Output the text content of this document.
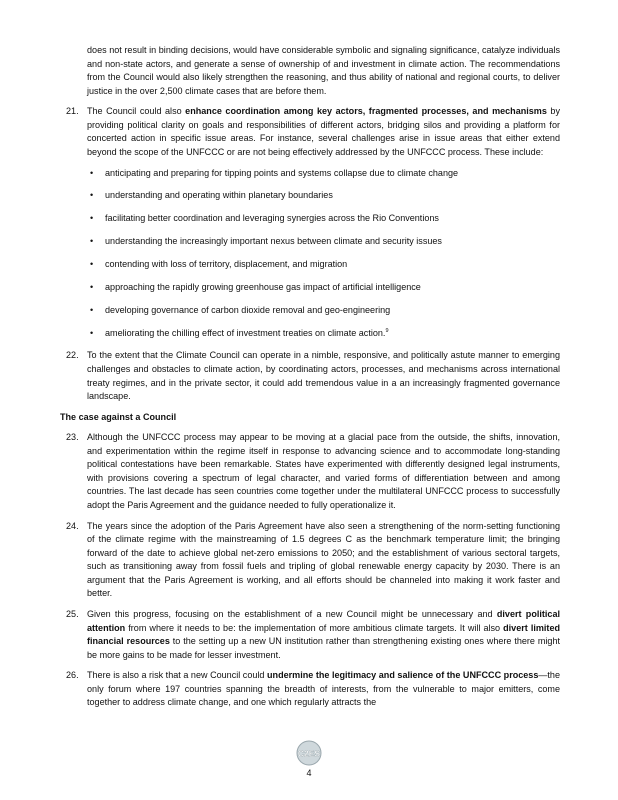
does not result in binding decisions, would have considerable symbolic and signaling significance, catalyze individuals and non-state actors, and generate a sense of ownership of and investment in climate action. The recommendations from the Council would also likely strengthen the reasoning, and thus ability of national and regional courts, to deliver justice in the over 2,500 climate cases that are before them.

21. The Council could also enhance coordination among key actors, fragmented processes, and mechanisms by providing political clarity on goals and responsibilities of different actors, bridging silos and providing a platform for concerted action in specific issue areas. For instance, several challenges arise in issue areas that either extend beyond the scope of the UNFCCC or are not being effectively addressed by the UNFCCC process. These include:

• anticipating and preparing for tipping points and systems collapse due to climate change
• understanding and operating within planetary boundaries
• facilitating better coordination and leveraging synergies across the Rio Conventions
• understanding the increasingly important nexus between climate and security issues
• contending with loss of territory, displacement, and migration
• approaching the rapidly growing greenhouse gas impact of artificial intelligence
• developing governance of carbon dioxide removal and geo-engineering
• ameliorating the chilling effect of investment treaties on climate action.$^9$

22. To the extent that the Climate Council can operate in a nimble, responsive, and politically astute manner to emerging challenges and obstacles to climate action, by coordinating actors, processes, and mechanisms across international treaty regimes, and in the private sector, it could add tremendous value in a an increasingly fragmented governance landscape.

The case against a Council

23. Although the UNFCCC process may appear to be moving at a glacial pace from the outside, the shifts, innovation, and experimentation within the regime itself in response to advancing science and to accommodate long-standing political contestations have been remarkable. States have experimented with differently designed legal instruments, with provisions covering a spectrum of legal character, and varied forms of differentiation between and among countries. The last decade has seen countries come together under the multilateral UNFCCC process to successfully adopt the Paris Agreement and the guidance needed to fully operationalize it.

24. The years since the adoption of the Paris Agreement have also seen a strengthening of the norm-setting functioning of the climate regime with the mainstreaming of 1.5 degrees C as the benchmark temperature limit; the bringing forward of the date to achieve global net-zero emissions to 2050; and the establishment of various sectoral targets, such as transitioning away from fossil fuels and tripling of global renewable energy capacity by 2030. There is an argument that the Paris Agreement is working, and all efforts should be channeled into making it work faster and better.

25. Given this progress, focusing on the establishment of a new Council might be unnecessary and divert political attention from where it needs to be: the implementation of more ambitious climate targets. It will also divert limited financial resources to the setting up a new UN institution rather than strengthening existing ones where there might be more gains to be made for lesser investment.

26. There is also a risk that a new Council could undermine the legitimacy and salience of the UNFCCC process—the only forum where 197 countries spanning the breadth of interests, from the vulnerable to major emitters, come together to address climate change, and one which regularly attracts the

C2ES
4
